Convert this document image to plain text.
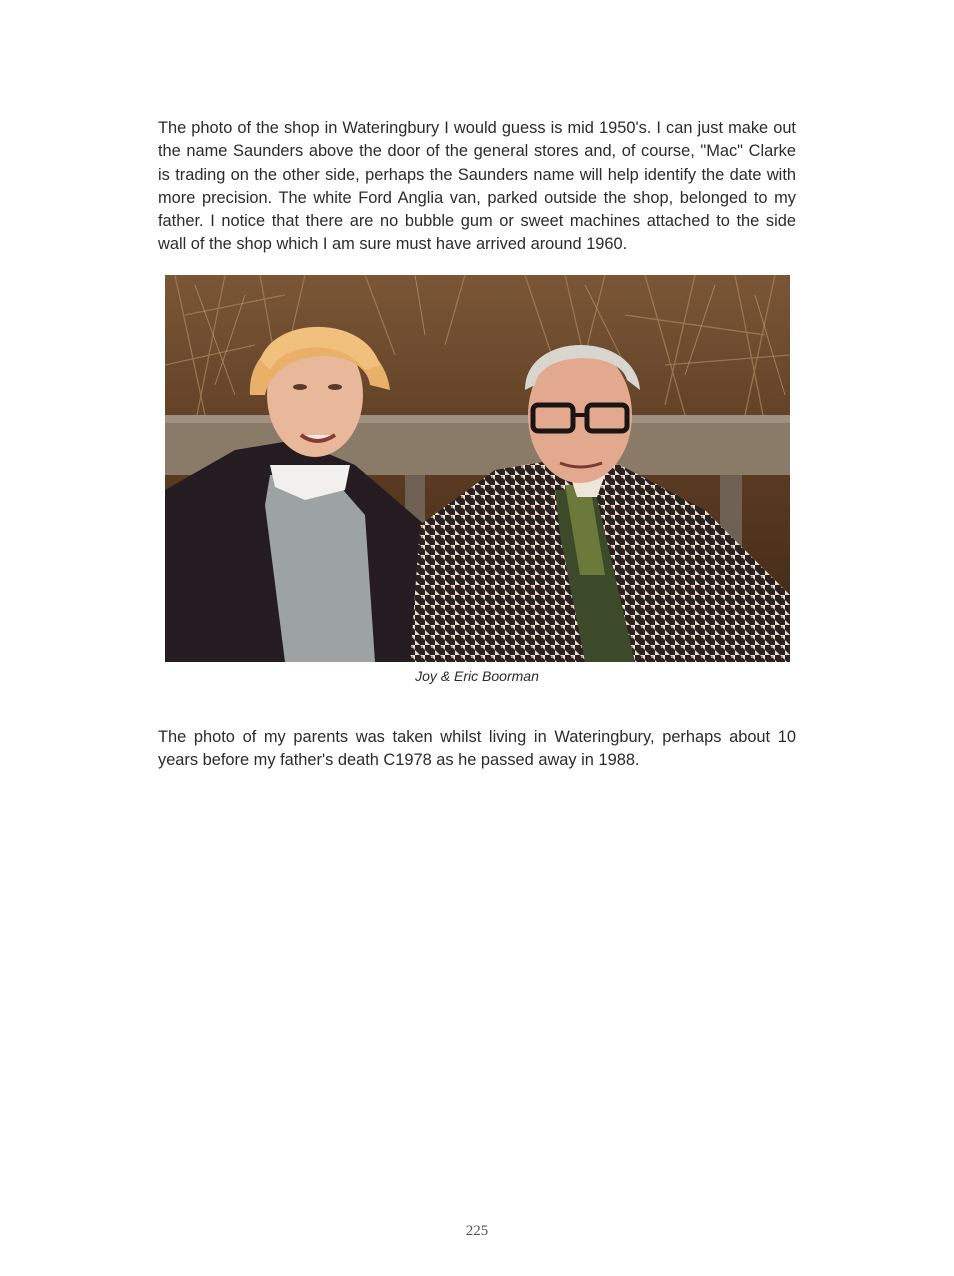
The photo of the shop in Wateringbury I would guess is mid 1950's. I can just make out the name Saunders above the door of the general stores and, of course, "Mac" Clarke is trading on the other side, perhaps the Saunders name will help identify the date with more precision. The white Ford Anglia van, parked outside the shop, belonged to my father. I notice that there are no bubble gum or sweet machines attached to the side wall of the shop which I am sure must have arrived around 1960.

Joy & Eric Boorman

The photo of my parents was taken whilst living in Wateringbury, perhaps about 10 years before my father's death C1978 as he passed away in 1988.

225
